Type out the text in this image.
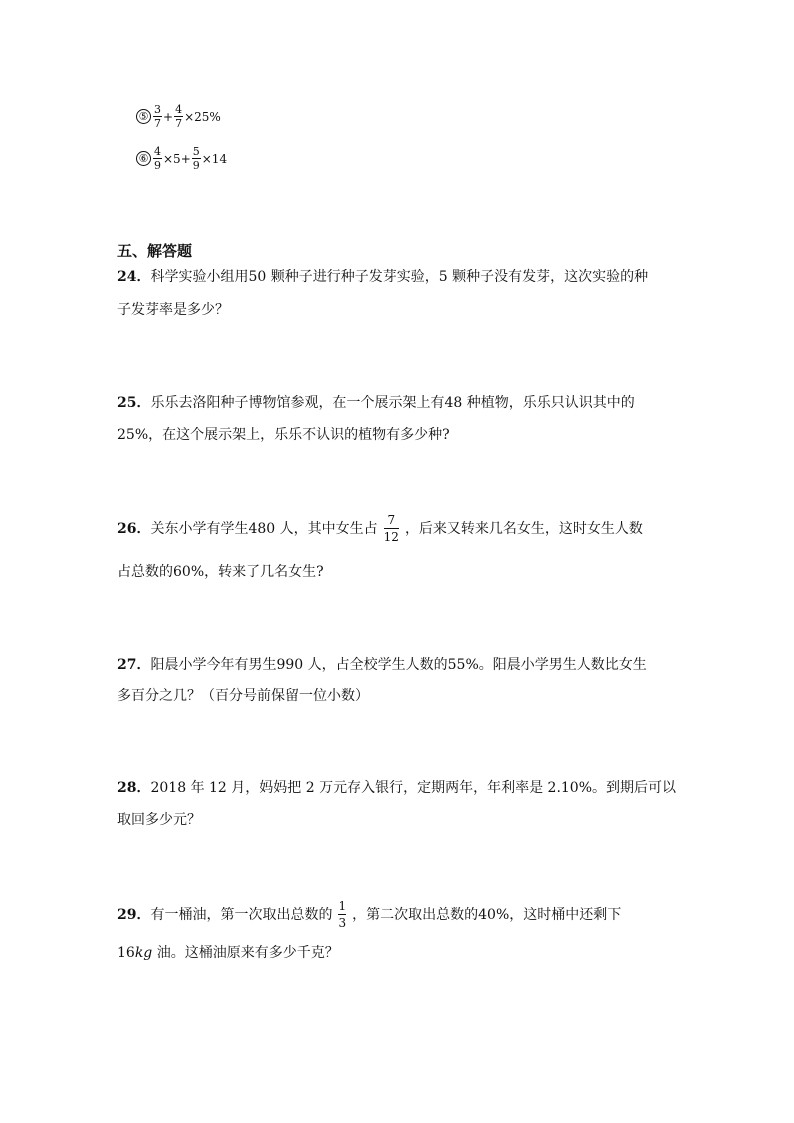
⑤ $\frac{3}{7} + \frac{4}{7} \times 25\%$
⑥ $\frac{4}{9} \times 5+ \frac{5}{9} \times 14$
五、解答题
24．科学实验小组用50 颗种子进行种子发芽实验，5 颗种子没有发芽，这次实验的种
子发芽率是多少？
25．乐乐去洛阳种子博物馆参观，在一个展示架上有48 种植物，乐乐只认识其中的
25%，在这个展示架上，乐乐不认识的植物有多少种?
26． 关东小学有学生480 人，其中女生占 $\frac{7}{12}$ ，后来又转来几名女生，这时女生人数
占总数的60%，转来了几名女生?
27．阳晨小学今年有男生990 人，占全校学生人数的55%。阳晨小学男生人数比女生
多百分之几？（百分号前保留一位小数）
28．2018 年 12 月，妈妈把 2 万元存入银行，定期两年，年利率是 2.10%。到期后可以
取回多少元？
29． 有一桶油，第一次取出总数的 $\frac{1}{3}$ ，第二次取出总数的40%，这时桶中还剩下
16kg 油。这桶油原来有多少千克？
